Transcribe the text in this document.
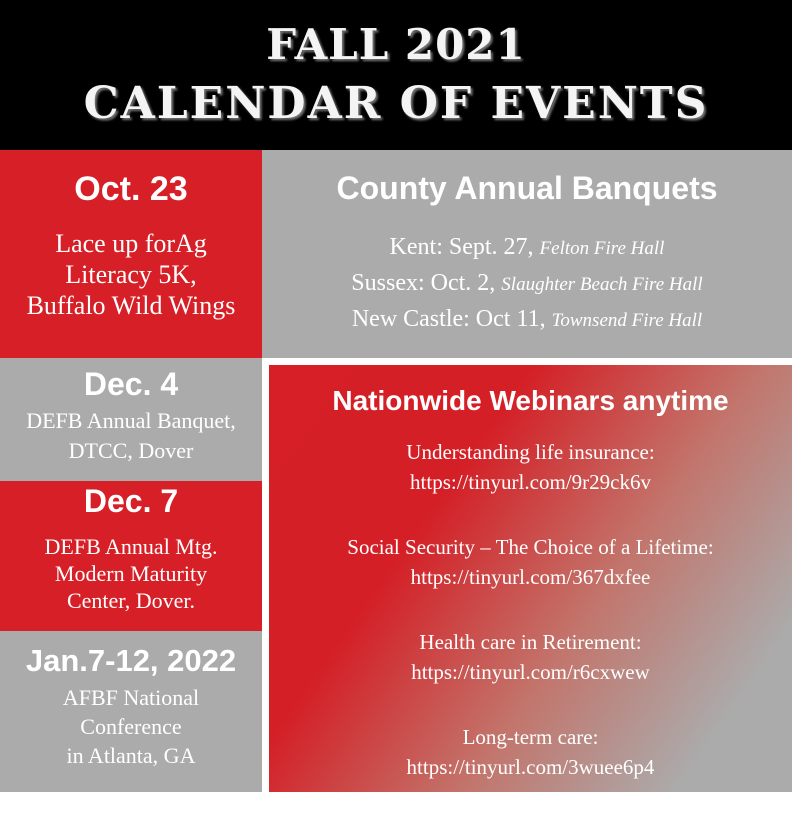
FALL 2021
CALENDAR OF EVENTS
Oct. 23
Lace up forAg
Literacy 5K,
Buffalo Wild Wings
County Annual Banquets
Kent: Sept. 27, Felton Fire Hall
Sussex: Oct. 2, Slaughter Beach Fire Hall
New Castle: Oct 11, Townsend Fire Hall
Dec. 4
DEFB Annual Banquet,
DTCC, Dover
Dec. 7
DEFB Annual Mtg.
Modern Maturity
Center, Dover.
Jan.7-12, 2022
AFBF National
Conference
in Atlanta, GA
Nationwide Webinars anytime
Understanding life insurance:
https://tinyurl.com/9r29ck6v
Social Security – The Choice of a Lifetime:
https://tinyurl.com/367dxfee
Health care in Retirement:
https://tinyurl.com/r6cxwew
Long-term care:
https://tinyurl.com/3wuee6p4
